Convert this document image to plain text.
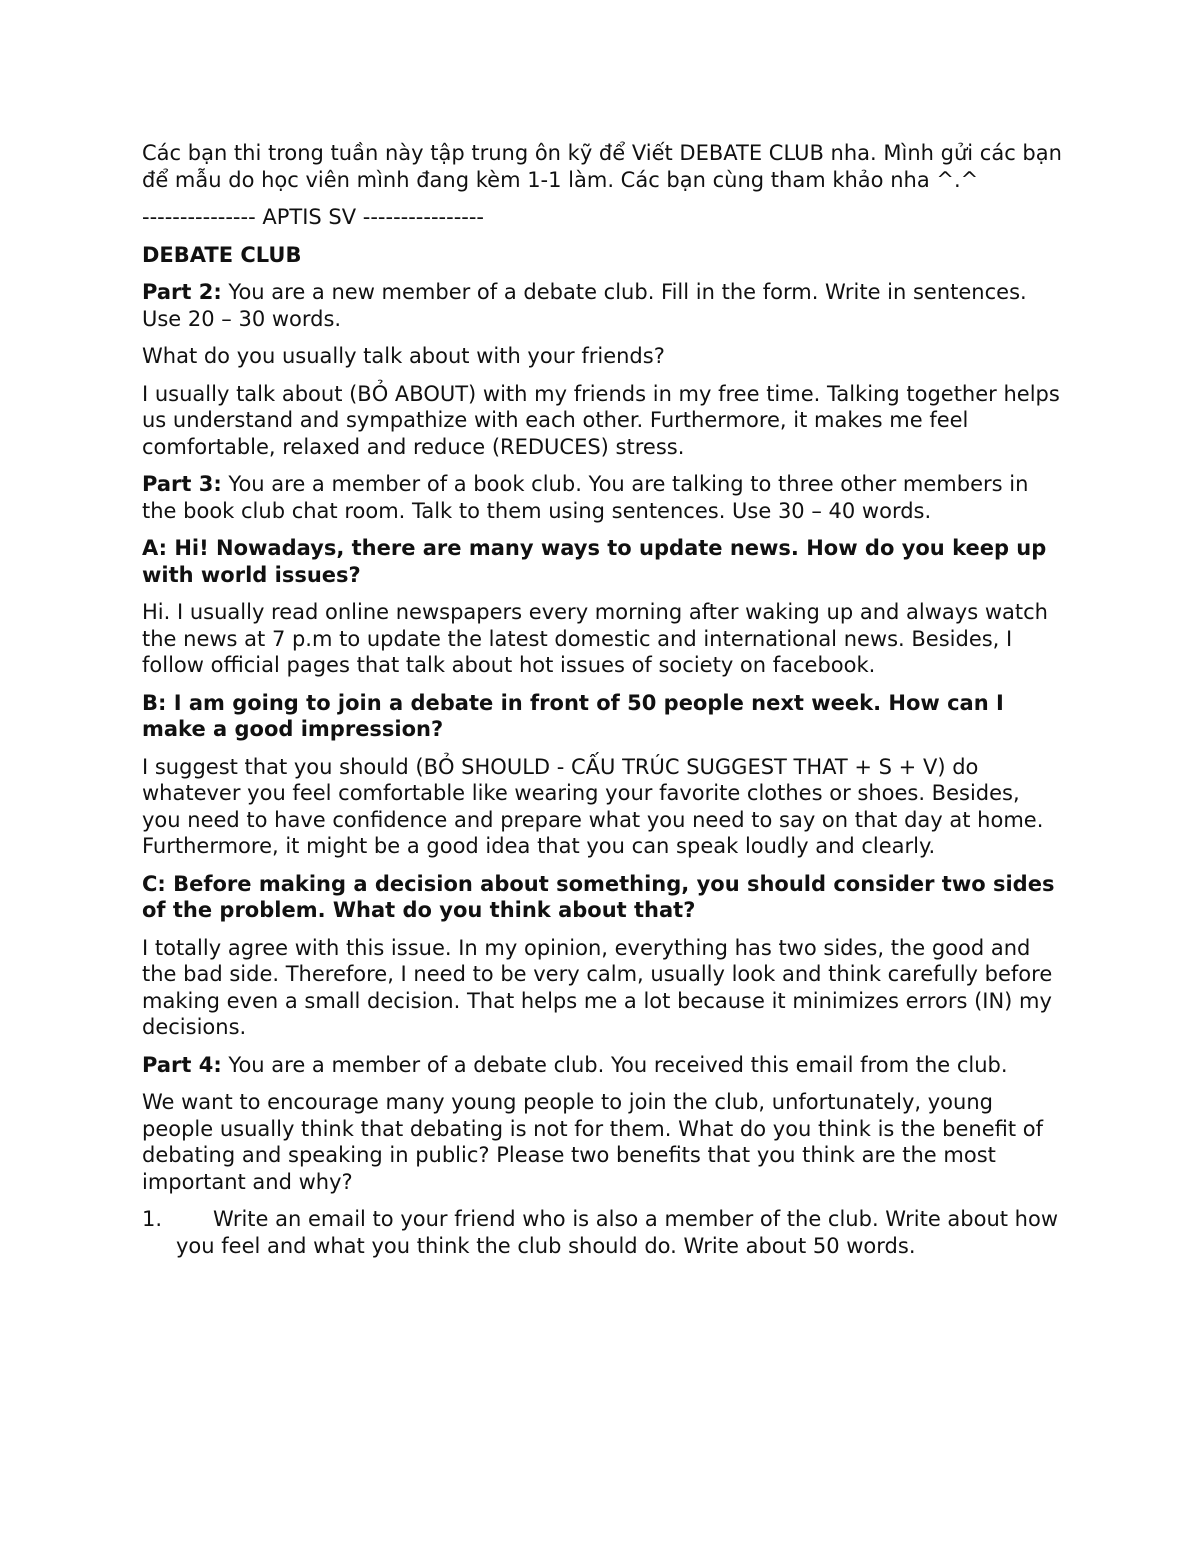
Các bạn thi trong tuần này tập trung ôn kỹ để Viết DEBATE CLUB nha. Mình gửi các bạn để mẫu do học viên mình đang kèm 1-1 làm. Các bạn cùng tham khảo nha ^.^

--------------- APTIS SV ----------------

DEBATE CLUB

Part 2: You are a new member of a debate club. Fill in the form. Write in sentences. Use 20 – 30 words.

What do you usually talk about with your friends?

I usually talk about (BỎ ABOUT) with my friends in my free time. Talking together helps us understand and sympathize with each other. Furthermore, it makes me feel comfortable, relaxed and reduce (REDUCES) stress.

Part 3: You are a member of a book club. You are talking to three other members in the book club chat room. Talk to them using sentences. Use 30 – 40 words.

A: Hi! Nowadays, there are many ways to update news. How do you keep up with world issues?

Hi. I usually read online newspapers every morning after waking up and always watch the news at 7 p.m to update the latest domestic and international news. Besides, I follow official pages that talk about hot issues of society on facebook.

B: I am going to join a debate in front of 50 people next week. How can I make a good impression?

I suggest that you should (BỎ SHOULD - CẤU TRÚC SUGGEST THAT + S + V) do whatever you feel comfortable like wearing your favorite clothes or shoes. Besides, you need to have confidence and prepare what you need to say on that day at home. Furthermore, it might be a good idea that you can speak loudly and clearly.

C: Before making a decision about something, you should consider two sides of the problem. What do you think about that?

I totally agree with this issue. In my opinion, everything has two sides, the good and the bad side. Therefore, I need to be very calm, usually look and think carefully before making even a small decision. That helps me a lot because it minimizes errors (IN) my decisions.

Part 4: You are a member of a debate club. You received this email from the club.

We want to encourage many young people to join the club, unfortunately, young people usually think that debating is not for them. What do you think is the benefit of debating and speaking in public? Please two benefits that you think are the most important and why?

1.	Write an email to your friend who is also a member of the club. Write about how you feel and what you think the club should do. Write about 50 words.
